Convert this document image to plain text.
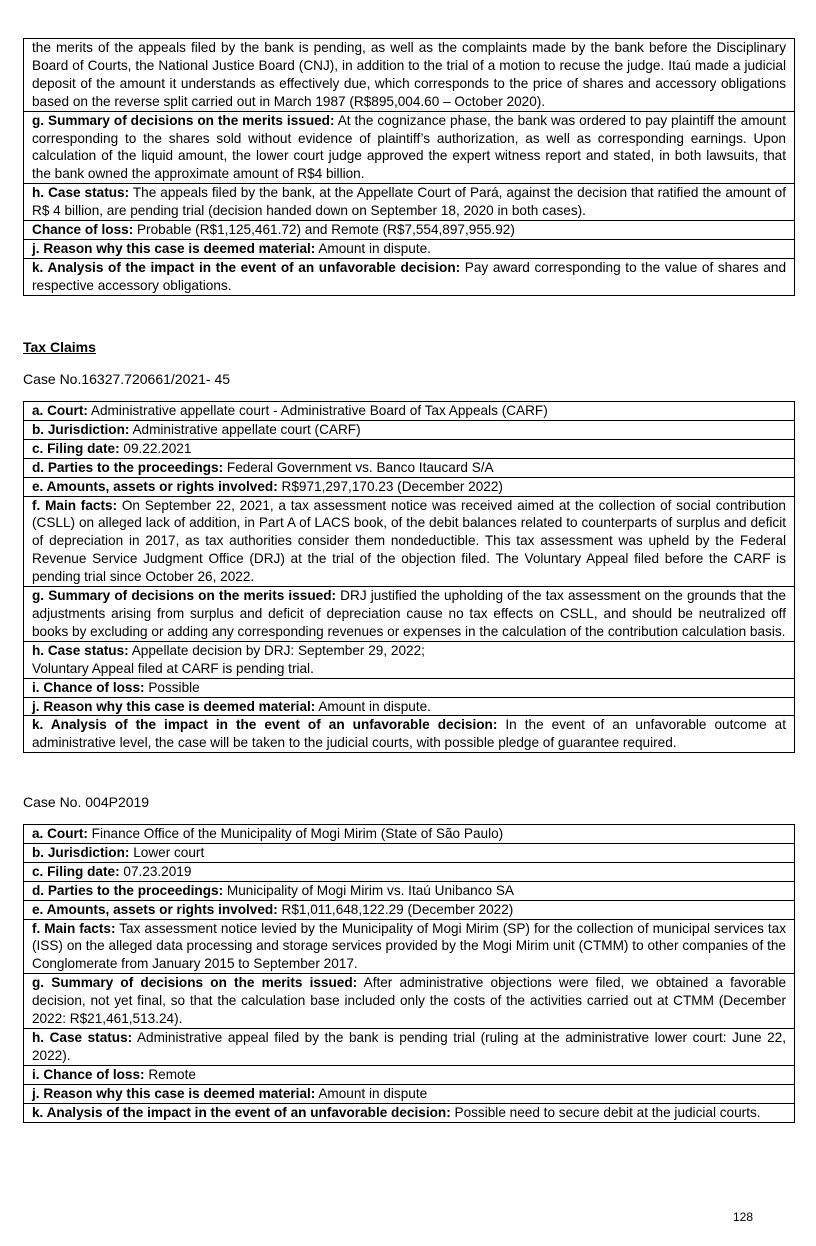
the merits of the appeals filed by the bank is pending, as well as the complaints made by the bank before the Disciplinary Board of Courts, the National Justice Board (CNJ), in addition to the trial of a motion to recuse the judge. Itaú made a judicial deposit of the amount it understands as effectively due, which corresponds to the price of shares and accessory obligations based on the reverse split carried out in March 1987 (R$895,004.60 – October 2020).
g. Summary of decisions on the merits issued: At the cognizance phase, the bank was ordered to pay plaintiff the amount corresponding to the shares sold without evidence of plaintiff’s authorization, as well as corresponding earnings. Upon calculation of the liquid amount, the lower court judge approved the expert witness report and stated, in both lawsuits, that the bank owned the approximate amount of R$4 billion.
h. Case status: The appeals filed by the bank, at the Appellate Court of Pará, against the decision that ratified the amount of R$ 4 billion, are pending trial (decision handed down on September 18, 2020 in both cases).
Chance of loss: Probable (R$1,125,461.72) and Remote (R$7,554,897,955.92)
j. Reason why this case is deemed material: Amount in dispute.
k. Analysis of the impact in the event of an unfavorable decision: Pay award corresponding to the value of shares and respective accessory obligations.
Tax Claims
Case No.16327.720661/2021- 45
a. Court: Administrative appellate court - Administrative Board of Tax Appeals (CARF)
b. Jurisdiction: Administrative appellate court (CARF)
c. Filing date: 09.22.2021
d. Parties to the proceedings: Federal Government vs. Banco Itaucard S/A
e. Amounts, assets or rights involved: R$971,297,170.23 (December 2022)
f. Main facts: On September 22, 2021, a tax assessment notice was received aimed at the collection of social contribution (CSLL) on alleged lack of addition, in Part A of LACS book, of the debit balances related to counterparts of surplus and deficit of depreciation in 2017, as tax authorities consider them nondeductible. This tax assessment was upheld by the Federal Revenue Service Judgment Office (DRJ) at the trial of the objection filed. The Voluntary Appeal filed before the CARF is pending trial since October 26, 2022.
g. Summary of decisions on the merits issued: DRJ justified the upholding of the tax assessment on the grounds that the adjustments arising from surplus and deficit of depreciation cause no tax effects on CSLL, and should be neutralized off books by excluding or adding any corresponding revenues or expenses in the calculation of the contribution calculation basis.
h. Case status: Appellate decision by DRJ: September 29, 2022;
Voluntary Appeal filed at CARF is pending trial.
i. Chance of loss: Possible
j. Reason why this case is deemed material: Amount in dispute.
k. Analysis of the impact in the event of an unfavorable decision: In the event of an unfavorable outcome at administrative level, the case will be taken to the judicial courts, with possible pledge of guarantee required.
Case No. 004P2019
a. Court: Finance Office of the Municipality of Mogi Mirim (State of São Paulo)
b. Jurisdiction: Lower court
c. Filing date: 07.23.2019
d. Parties to the proceedings: Municipality of Mogi Mirim vs. Itaú Unibanco SA
e. Amounts, assets or rights involved: R$1,011,648,122.29 (December 2022)
f. Main facts: Tax assessment notice levied by the Municipality of Mogi Mirim (SP) for the collection of municipal services tax (ISS) on the alleged data processing and storage services provided by the Mogi Mirim unit (CTMM) to other companies of the Conglomerate from January 2015 to September 2017.
g. Summary of decisions on the merits issued: After administrative objections were filed, we obtained a favorable decision, not yet final, so that the calculation base included only the costs of the activities carried out at CTMM (December 2022: R$21,461,513.24).
h. Case status: Administrative appeal filed by the bank is pending trial (ruling at the administrative lower court: June 22, 2022).
i. Chance of loss: Remote
j. Reason why this case is deemed material: Amount in dispute
k. Analysis of the impact in the event of an unfavorable decision: Possible need to secure debit at the judicial courts.
128
